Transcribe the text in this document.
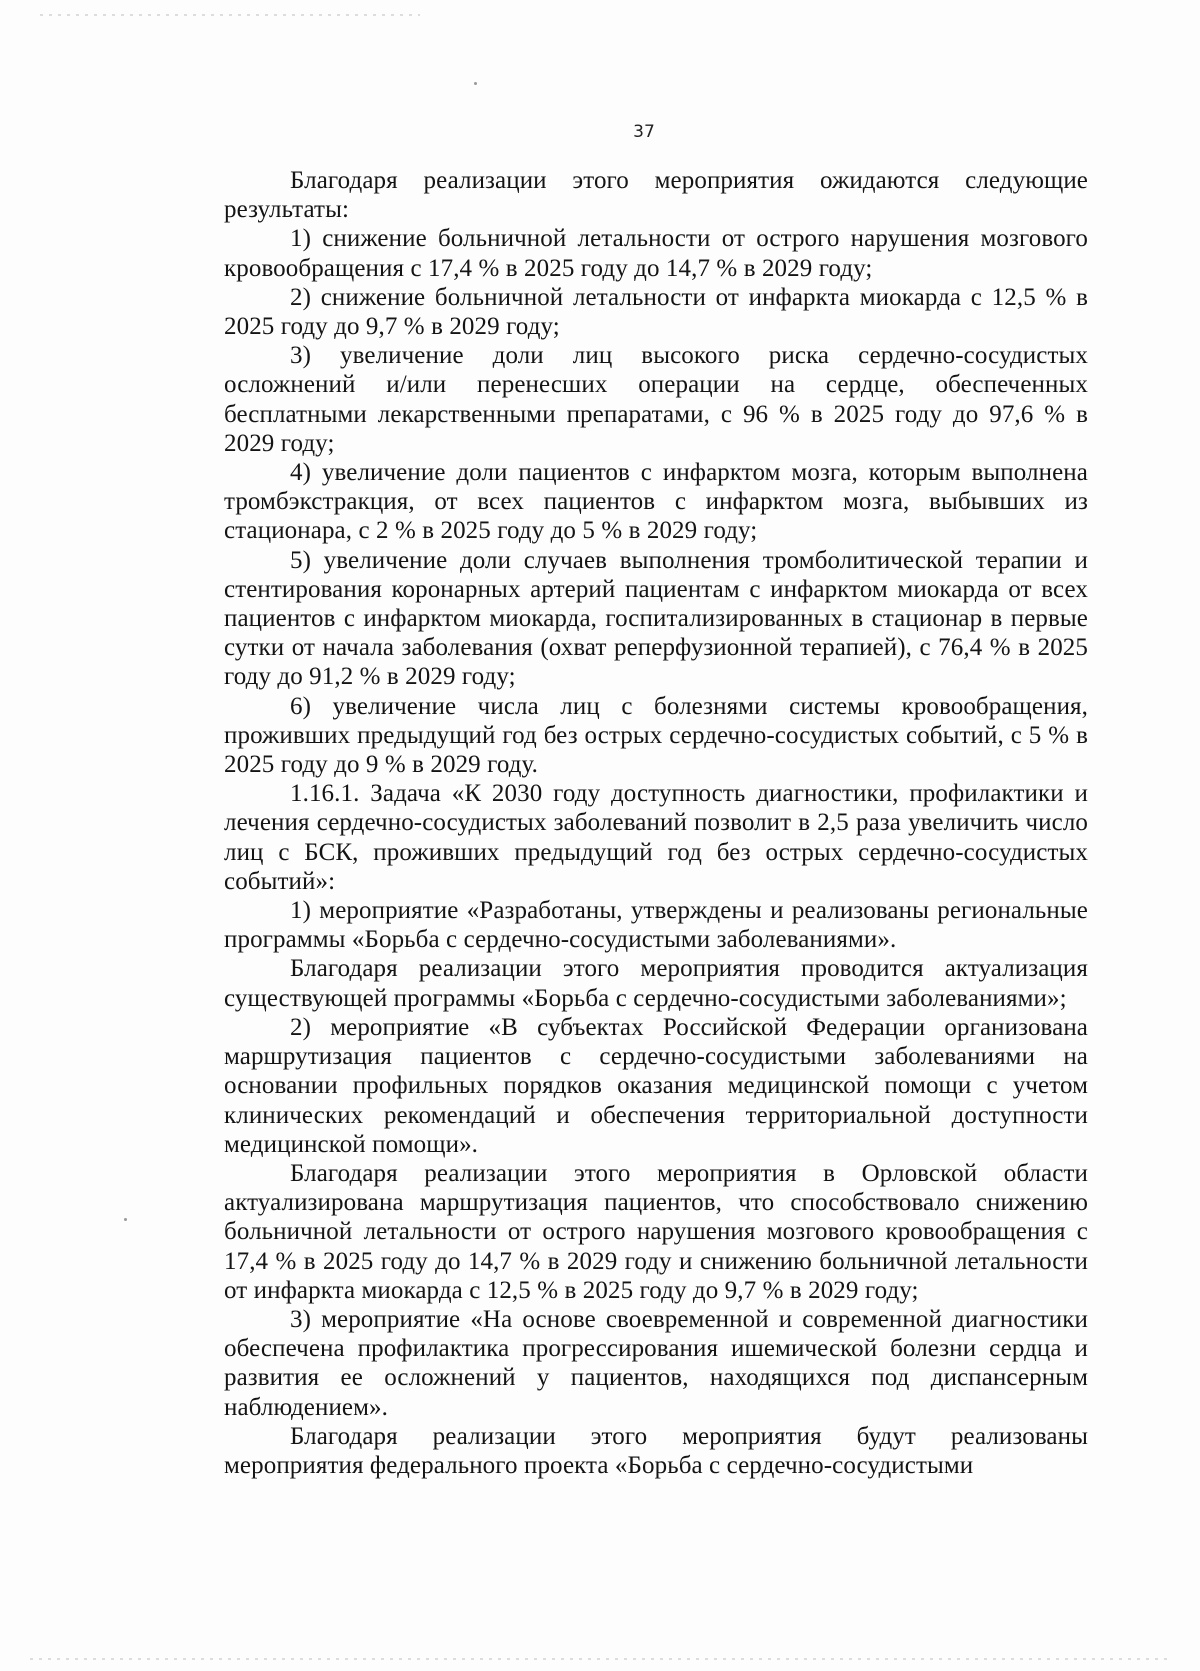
37

Благодаря реализации этого мероприятия ожидаются следующие результаты:

1) снижение больничной летальности от острого нарушения мозгового кровообращения с 17,4 % в 2025 году до 14,7 % в 2029 году;

2) снижение больничной летальности от инфаркта миокарда с 12,5 % в 2025 году до 9,7 % в 2029 году;

3) увеличение доли лиц высокого риска сердечно-сосудистых осложнений и/или перенесших операции на сердце, обеспеченных бесплатными лекарственными препаратами, с 96 % в 2025 году до 97,6 % в 2029 году;

4) увеличение доли пациентов с инфарктом мозга, которым выполнена тромбэкстракция, от всех пациентов с инфарктом мозга, выбывших из стационара, с 2 % в 2025 году до 5 % в 2029 году;

5) увеличение доли случаев выполнения тромболитической терапии и стентирования коронарных артерий пациентам с инфарктом миокарда от всех пациентов с инфарктом миокарда, госпитализированных в стационар в первые сутки от начала заболевания (охват реперфузионной терапией), с 76,4 % в 2025 году до 91,2 % в 2029 году;

6) увеличение числа лиц с болезнями системы кровообращения, проживших предыдущий год без острых сердечно-сосудистых событий, с 5 % в 2025 году до 9 % в 2029 году.

1.16.1. Задача «К 2030 году доступность диагностики, профилактики и лечения сердечно-сосудистых заболеваний позволит в 2,5 раза увеличить число лиц с БСК, проживших предыдущий год без острых сердечно-сосудистых событий»:

1) мероприятие «Разработаны, утверждены и реализованы региональные программы «Борьба с сердечно-сосудистыми заболеваниями».

Благодаря реализации этого мероприятия проводится актуализация существующей программы «Борьба с сердечно-сосудистыми заболеваниями»;

2) мероприятие «В субъектах Российской Федерации организована маршрутизация пациентов с сердечно-сосудистыми заболеваниями на основании профильных порядков оказания медицинской помощи с учетом клинических рекомендаций и обеспечения территориальной доступности медицинской помощи».

Благодаря реализации этого мероприятия в Орловской области актуализирована маршрутизация пациентов, что способствовало снижению больничной летальности от острого нарушения мозгового кровообращения с 17,4 % в 2025 году до 14,7 % в 2029 году и снижению больничной летальности от инфаркта миокарда с 12,5 % в 2025 году до 9,7 % в 2029 году;

3) мероприятие «На основе своевременной и современной диагностики обеспечена профилактика прогрессирования ишемической болезни сердца и развития ее осложнений у пациентов, находящихся под диспансерным наблюдением».

Благодаря реализации этого мероприятия будут реализованы мероприятия федерального проекта «Борьба с сердечно-сосудистыми
